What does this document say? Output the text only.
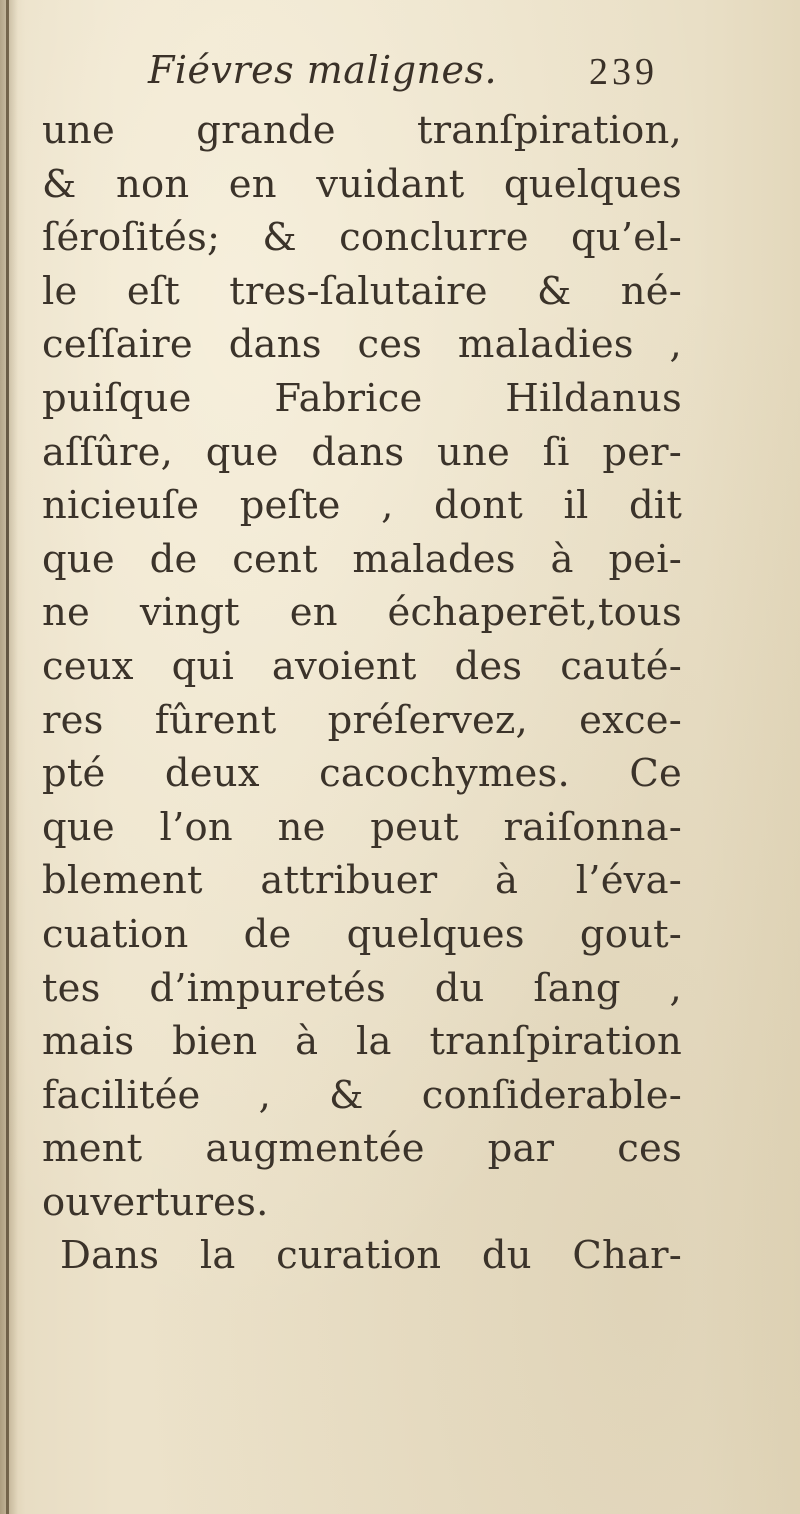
Fiévres malignes. 239
une grande tranſpiration,
& non en vuidant quelques
ſéroſités; & conclurre qu’el-
le eſt tres-ſalutaire & né-
ceſſaire dans ces maladies ,
puiſque Fabrice Hildanus
aſſûre, que dans une ſi per-
nicieuſe peſte , dont il dit
que de cent malades à pei-
ne vingt en échaperēt,tous
ceux qui avoient des cauté-
res fûrent préſervez, exce-
pté deux cacochymes. Ce
que l’on ne peut raiſonna-
blement attribuer à l’éva-
cuation de quelques gout-
tes d’impuretés du ſang ,
mais bien à la tranſpiration
facilitée , & conſiderable-
ment augmentée par ces
ouvertures.
Dans la curation du Char-
